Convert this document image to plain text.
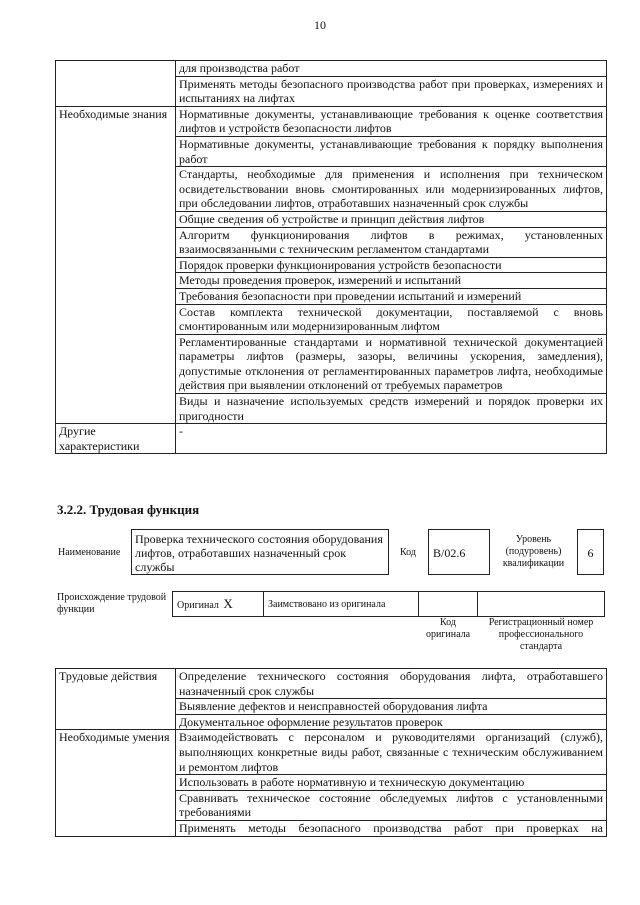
10
	для производства работ
	Применять методы безопасного производства работ при проверках, измерениях и испытаниях на лифтах
Необходимые знания	Нормативные документы, устанавливающие требования к оценке соответствия лифтов и устройств безопасности лифтов
	Нормативные документы, устанавливающие требования к порядку выполнения работ
	Стандарты, необходимые для применения и исполнения при техническом освидетельствовании вновь смонтированных или модернизированных лифтов, при обследовании лифтов, отработавших назначенный срок службы
	Общие сведения об устройстве и принцип действия лифтов
	Алгоритм функционирования лифтов в режимах, установленных взаимосвязанными с техническим регламентом стандартами
	Порядок проверки функционирования устройств безопасности
	Методы проведения проверок, измерений и испытаний
	Требования безопасности при проведении испытаний и измерений
	Состав комплекта технической документации, поставляемой с вновь смонтированным или модернизированным лифтом
	Регламентированные стандартами и нормативной технической документацией параметры лифтов (размеры, зазоры, величины ускорения, замедления), допустимые отклонения от регламентированных параметров лифта, необходимые действия при выявлении отклонений от требуемых параметров
	Виды и назначение используемых средств измерений и порядок проверки их пригодности
Другие характеристики	-
3.2.2. Трудовая функция
Наименование
Проверка технического состояния оборудования лифтов, отработавших назначенный срок службы
Код	B/02.6
Уровень (подуровень) квалификации
6
Происхождение трудовой функции	Оригинал X	Заимствовано из оригинала
Код оригинала
Регистрационный номер профессионального стандарта
Трудовые действия	Определение технического состояния оборудования лифта, отработавшего назначенный срок службы
	Выявление дефектов и неисправностей оборудования лифта
	Документальное оформление результатов проверок
Необходимые умения	Взаимодействовать с персоналом и руководителями организаций (служб), выполняющих конкретные виды работ, связанные с техническим обслуживанием и ремонтом лифтов
	Использовать в работе нормативную и техническую документацию
	Сравнивать техническое состояние обследуемых лифтов с установленными требованиями
	Применять методы безопасного производства работ при проверках на
